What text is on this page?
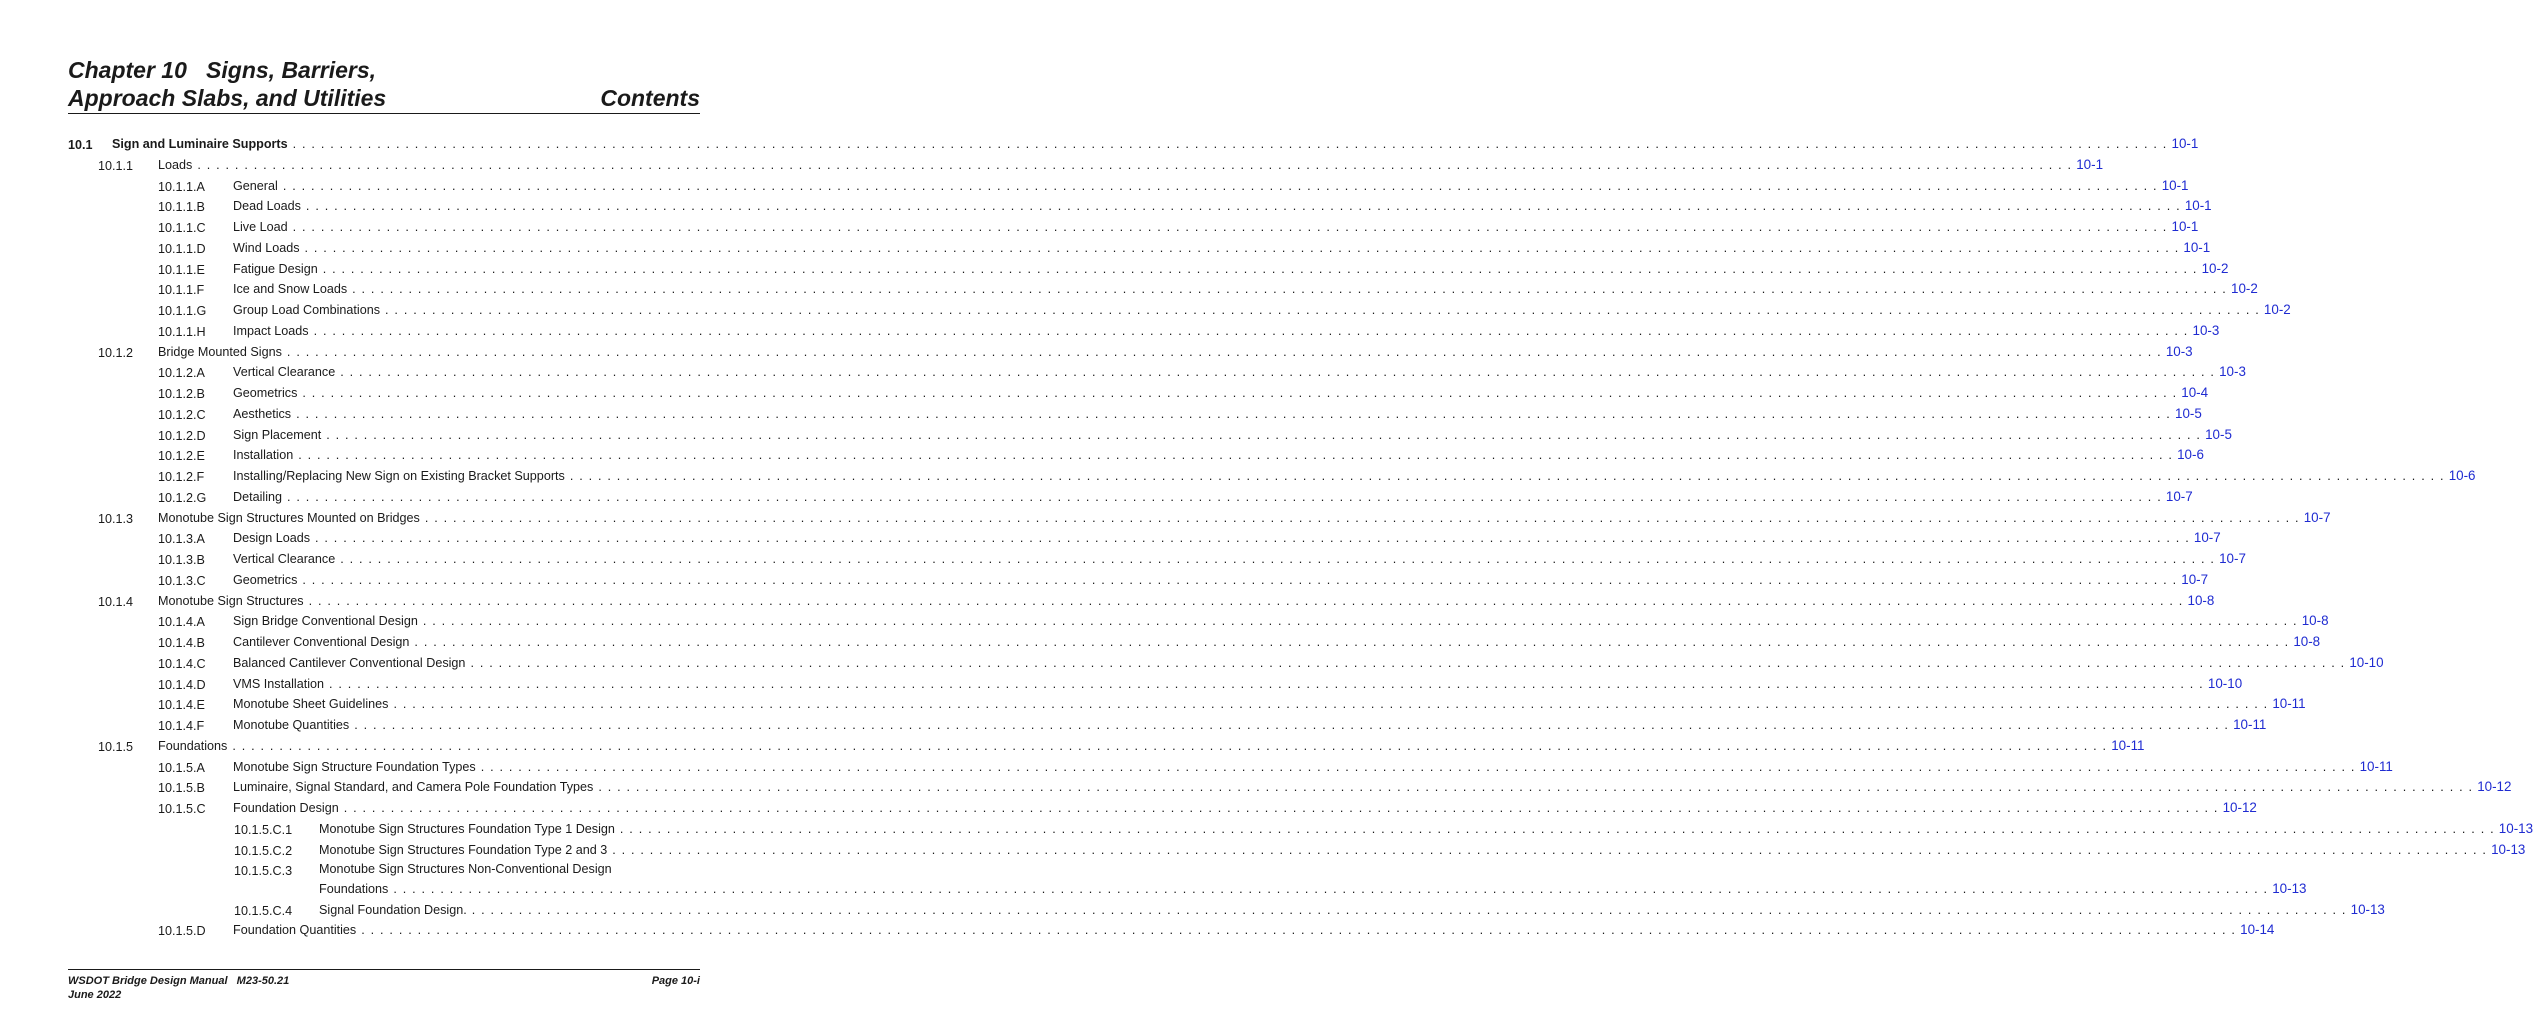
Chapter 10   Signs, Barriers,
Approach Slabs, and Utilities	Contents
10.1 Sign and Luminaire Supports . . . . . . . . . . . . . . . . . . . . . . . . . . . . . . . . . . . . . . . . . . . . . . . . . . . . . . . . . . . . . . . . . . . . . . . . . . . . . . . . . . . . . . . . . . . . . . . . . . . . . . . . . . . . . . . . . . . . . . . . . . . . . . . . . . . . . . . . . . . . . . . . . . . . . . . . . . . . . . . . . . . . . . . . . . . . . . . . . . . . . . . . . . . . . . . . . . . . . . . . 10-1
10.1.1 Loads . . . . . . . . . . . . . . . . . . . . . . . . . . . . . . . . . . . . . . . . . . . . . . . . . . . . . . . . . . . . . . . . . . . . . . . . . . . . . . . . . . . . . . . . . . . . . . . . . . . . . . . . . . . . . . . . . . . . . . . . . . . . . . . . . . . . . . . . . . . . . . . . . . . . . . . . . . . . . . . . . . . . . . . . . . . . . . . . . . . . . . . . . . . . . . . . . . . . . . . . 10-1
10.1.1.A General . . . . . . . . . . . . . . . . . . . . . . . . . . . . . . . . . . . . . . . . . . . . . . . . . . . . . . . . . . . . . . . . . . . . . . . . . . . . . . . . . . . . . . . . . . . . . . . . . . . . . . . . . . . . . . . . . . . . . . . . . . . . . . . . . . . . . . . . . . . . . . . . . . . . . . . . . . . . . . . . . . . . . . . . . . . . . . . . . . . . . . . . . . . . . . . . . . . . . . . . 10-1
10.1.1.B Dead Loads . . . . . . . . . . . . . . . . . . . . . . . . . . . . . . . . . . . . . . . . . . . . . . . . . . . . . . . . . . . . . . . . . . . . . . . . . . . . . . . . . . . . . . . . . . . . . . . . . . . . . . . . . . . . . . . . . . . . . . . . . . . . . . . . . . . . . . . . . . . . . . . . . . . . . . . . . . . . . . . . . . . . . . . . . . . . . . . . . . . . . . . . . . . . . . . . . . . . . . . . 10-1
10.1.1.C Live Load . . . . . . . . . . . . . . . . . . . . . . . . . . . . . . . . . . . . . . . . . . . . . . . . . . . . . . . . . . . . . . . . . . . . . . . . . . . . . . . . . . . . . . . . . . . . . . . . . . . . . . . . . . . . . . . . . . . . . . . . . . . . . . . . . . . . . . . . . . . . . . . . . . . . . . . . . . . . . . . . . . . . . . . . . . . . . . . . . . . . . . . . . . . . . . . . . . . . . . . . 10-1
10.1.1.D Wind Loads . . . . . . . . . . . . . . . . . . . . . . . . . . . . . . . . . . . . . . . . . . . . . . . . . . . . . . . . . . . . . . . . . . . . . . . . . . . . . . . . . . . . . . . . . . . . . . . . . . . . . . . . . . . . . . . . . . . . . . . . . . . . . . . . . . . . . . . . . . . . . . . . . . . . . . . . . . . . . . . . . . . . . . . . . . . . . . . . . . . . . . . . . . . . . . . . . . . . . . . . 10-1
10.1.1.E Fatigue Design . . . . . . . . . . . . . . . . . . . . . . . . . . . . . . . . . . . . . . . . . . . . . . . . . . . . . . . . . . . . . . . . . . . . . . . . . . . . . . . . . . . . . . . . . . . . . . . . . . . . . . . . . . . . . . . . . . . . . . . . . . . . . . . . . . . . . . . . . . . . . . . . . . . . . . . . . . . . . . . . . . . . . . . . . . . . . . . . . . . . . . . . . . . . . . . . . . . . . . . . 10-2
10.1.1.F Ice and Snow Loads . . . . . . . . . . . . . . . . . . . . . . . . . . . . . . . . . . . . . . . . . . . . . . . . . . . . . . . . . . . . . . . . . . . . . . . . . . . . . . . . . . . . . . . . . . . . . . . . . . . . . . . . . . . . . . . . . . . . . . . . . . . . . . . . . . . . . . . . . . . . . . . . . . . . . . . . . . . . . . . . . . . . . . . . . . . . . . . . . . . . . . . . . . . . . . . . . . . . . . . . 10-2
10.1.1.G Group Load Combinations . . . . . . . . . . . . . . . . . . . . . . . . . . . . . . . . . . . . . . . . . . . . . . . . . . . . . . . . . . . . . . . . . . . . . . . . . . . . . . . . . . . . . . . . . . . . . . . . . . . . . . . . . . . . . . . . . . . . . . . . . . . . . . . . . . . . . . . . . . . . . . . . . . . . . . . . . . . . . . . . . . . . . . . . . . . . . . . . . . . . . . . . . . . . . . . . . . . . . . . . 10-2
10.1.1.H Impact Loads . . . . . . . . . . . . . . . . . . . . . . . . . . . . . . . . . . . . . . . . . . . . . . . . . . . . . . . . . . . . . . . . . . . . . . . . . . . . . . . . . . . . . . . . . . . . . . . . . . . . . . . . . . . . . . . . . . . . . . . . . . . . . . . . . . . . . . . . . . . . . . . . . . . . . . . . . . . . . . . . . . . . . . . . . . . . . . . . . . . . . . . . . . . . . . . . . . . . . . . . 10-3
10.1.2 Bridge Mounted Signs . . . . . . . . . . . . . . . . . . . . . . . . . . . . . . . . . . . . . . . . . . . . . . . . . . . . . . . . . . . . . . . . . . . . . . . . . . . . . . . . . . . . . . . . . . . . . . . . . . . . . . . . . . . . . . . . . . . . . . . . . . . . . . . . . . . . . . . . . . . . . . . . . . . . . . . . . . . . . . . . . . . . . . . . . . . . . . . . . . . . . . . . . . . . . . . . . . . . . . . . 10-3
10.1.2.A Vertical Clearance . . . . . . . . . . . . . . . . . . . . . . . . . . . . . . . . . . . . . . . . . . . . . . . . . . . . . . . . . . . . . . . . . . . . . . . . . . . . . . . . . . . . . . . . . . . . . . . . . . . . . . . . . . . . . . . . . . . . . . . . . . . . . . . . . . . . . . . . . . . . . . . . . . . . . . . . . . . . . . . . . . . . . . . . . . . . . . . . . . . . . . . . . . . . . . . . . . . . . . . . 10-3
10.1.2.B Geometrics . . . . . . . . . . . . . . . . . . . . . . . . . . . . . . . . . . . . . . . . . . . . . . . . . . . . . . . . . . . . . . . . . . . . . . . . . . . . . . . . . . . . . . . . . . . . . . . . . . . . . . . . . . . . . . . . . . . . . . . . . . . . . . . . . . . . . . . . . . . . . . . . . . . . . . . . . . . . . . . . . . . . . . . . . . . . . . . . . . . . . . . . . . . . . . . . . . . . . . . . 10-4
10.1.2.C Aesthetics . . . . . . . . . . . . . . . . . . . . . . . . . . . . . . . . . . . . . . . . . . . . . . . . . . . . . . . . . . . . . . . . . . . . . . . . . . . . . . . . . . . . . . . . . . . . . . . . . . . . . . . . . . . . . . . . . . . . . . . . . . . . . . . . . . . . . . . . . . . . . . . . . . . . . . . . . . . . . . . . . . . . . . . . . . . . . . . . . . . . . . . . . . . . . . . . . . . . . . . . 10-5
10.1.2.D Sign Placement . . . . . . . . . . . . . . . . . . . . . . . . . . . . . . . . . . . . . . . . . . . . . . . . . . . . . . . . . . . . . . . . . . . . . . . . . . . . . . . . . . . . . . . . . . . . . . . . . . . . . . . . . . . . . . . . . . . . . . . . . . . . . . . . . . . . . . . . . . . . . . . . . . . . . . . . . . . . . . . . . . . . . . . . . . . . . . . . . . . . . . . . . . . . . . . . . . . . . . . . 10-5
10.1.2.E Installation . . . . . . . . . . . . . . . . . . . . . . . . . . . . . . . . . . . . . . . . . . . . . . . . . . . . . . . . . . . . . . . . . . . . . . . . . . . . . . . . . . . . . . . . . . . . . . . . . . . . . . . . . . . . . . . . . . . . . . . . . . . . . . . . . . . . . . . . . . . . . . . . . . . . . . . . . . . . . . . . . . . . . . . . . . . . . . . . . . . . . . . . . . . . . . . . . . . . . . . . 10-6
10.1.2.F Installing/Replacing New Sign on Existing Bracket Supports . . . . . . . . . . . . . . . . . . . . . . . . . . . . . . . . . . . . . . . . . . . . . . . . . . . . . . . . . . . . . . . . . . . . . . . . . . . . . . . . . . . . . . . . . . . . . . . . . . . . . . . . . . . . . . . . . . . . . . . . . . . . . . . . . . . . . . . . . . . . . . . . . . . . . . . . . . . . . . . . . . . . . . . . . . . . . . . . . . . . . . . . . . . . . . . . . . . . . . . . 10-6
10.1.2.G Detailing . . . . . . . . . . . . . . . . . . . . . . . . . . . . . . . . . . . . . . . . . . . . . . . . . . . . . . . . . . . . . . . . . . . . . . . . . . . . . . . . . . . . . . . . . . . . . . . . . . . . . . . . . . . . . . . . . . . . . . . . . . . . . . . . . . . . . . . . . . . . . . . . . . . . . . . . . . . . . . . . . . . . . . . . . . . . . . . . . . . . . . . . . . . . . . . . . . . . . . . . 10-7
10.1.3 Monotube Sign Structures Mounted on Bridges . . . . . . . . . . . . . . . . . . . . . . . . . . . . . . . . . . . . . . . . . . . . . . . . . . . . . . . . . . . . . . . . . . . . . . . . . . . . . . . . . . . . . . . . . . . . . . . . . . . . . . . . . . . . . . . . . . . . . . . . . . . . . . . . . . . . . . . . . . . . . . . . . . . . . . . . . . . . . . . . . . . . . . . . . . . . . . . . . . . . . . . . . . . . . . . . . . . . . . . . 10-7
10.1.3.A Design Loads . . . . . . . . . . . . . . . . . . . . . . . . . . . . . . . . . . . . . . . . . . . . . . . . . . . . . . . . . . . . . . . . . . . . . . . . . . . . . . . . . . . . . . . . . . . . . . . . . . . . . . . . . . . . . . . . . . . . . . . . . . . . . . . . . . . . . . . . . . . . . . . . . . . . . . . . . . . . . . . . . . . . . . . . . . . . . . . . . . . . . . . . . . . . . . . . . . . . . . . . 10-7
10.1.3.B Vertical Clearance . . . . . . . . . . . . . . . . . . . . . . . . . . . . . . . . . . . . . . . . . . . . . . . . . . . . . . . . . . . . . . . . . . . . . . . . . . . . . . . . . . . . . . . . . . . . . . . . . . . . . . . . . . . . . . . . . . . . . . . . . . . . . . . . . . . . . . . . . . . . . . . . . . . . . . . . . . . . . . . . . . . . . . . . . . . . . . . . . . . . . . . . . . . . . . . . . . . . . . . . 10-7
10.1.3.C Geometrics . . . . . . . . . . . . . . . . . . . . . . . . . . . . . . . . . . . . . . . . . . . . . . . . . . . . . . . . . . . . . . . . . . . . . . . . . . . . . . . . . . . . . . . . . . . . . . . . . . . . . . . . . . . . . . . . . . . . . . . . . . . . . . . . . . . . . . . . . . . . . . . . . . . . . . . . . . . . . . . . . . . . . . . . . . . . . . . . . . . . . . . . . . . . . . . . . . . . . . . . 10-7
10.1.4 Monotube Sign Structures . . . . . . . . . . . . . . . . . . . . . . . . . . . . . . . . . . . . . . . . . . . . . . . . . . . . . . . . . . . . . . . . . . . . . . . . . . . . . . . . . . . . . . . . . . . . . . . . . . . . . . . . . . . . . . . . . . . . . . . . . . . . . . . . . . . . . . . . . . . . . . . . . . . . . . . . . . . . . . . . . . . . . . . . . . . . . . . . . . . . . . . . . . . . . . . . . . . . . . . . 10-8
10.1.4.A Sign Bridge Conventional Design . . . . . . . . . . . . . . . . . . . . . . . . . . . . . . . . . . . . . . . . . . . . . . . . . . . . . . . . . . . . . . . . . . . . . . . . . . . . . . . . . . . . . . . . . . . . . . . . . . . . . . . . . . . . . . . . . . . . . . . . . . . . . . . . . . . . . . . . . . . . . . . . . . . . . . . . . . . . . . . . . . . . . . . . . . . . . . . . . . . . . . . . . . . . . . . . . . . . . . . . 10-8
10.1.4.B Cantilever Conventional Design . . . . . . . . . . . . . . . . . . . . . . . . . . . . . . . . . . . . . . . . . . . . . . . . . . . . . . . . . . . . . . . . . . . . . . . . . . . . . . . . . . . . . . . . . . . . . . . . . . . . . . . . . . . . . . . . . . . . . . . . . . . . . . . . . . . . . . . . . . . . . . . . . . . . . . . . . . . . . . . . . . . . . . . . . . . . . . . . . . . . . . . . . . . . . . . . . . . . . . . . 10-8
10.1.4.C Balanced Cantilever Conventional Design . . . . . . . . . . . . . . . . . . . . . . . . . . . . . . . . . . . . . . . . . . . . . . . . . . . . . . . . . . . . . . . . . . . . . . . . . . . . . . . . . . . . . . . . . . . . . . . . . . . . . . . . . . . . . . . . . . . . . . . . . . . . . . . . . . . . . . . . . . . . . . . . . . . . . . . . . . . . . . . . . . . . . . . . . . . . . . . . . . . . . . . . . . . . . . . . . . . . . . . . 10-10
10.1.4.D VMS Installation . . . . . . . . . . . . . . . . . . . . . . . . . . . . . . . . . . . . . . . . . . . . . . . . . . . . . . . . . . . . . . . . . . . . . . . . . . . . . . . . . . . . . . . . . . . . . . . . . . . . . . . . . . . . . . . . . . . . . . . . . . . . . . . . . . . . . . . . . . . . . . . . . . . . . . . . . . . . . . . . . . . . . . . . . . . . . . . . . . . . . . . . . . . . . . . . . . . . . . . . 10-10
10.1.4.E Monotube Sheet Guidelines . . . . . . . . . . . . . . . . . . . . . . . . . . . . . . . . . . . . . . . . . . . . . . . . . . . . . . . . . . . . . . . . . . . . . . . . . . . . . . . . . . . . . . . . . . . . . . . . . . . . . . . . . . . . . . . . . . . . . . . . . . . . . . . . . . . . . . . . . . . . . . . . . . . . . . . . . . . . . . . . . . . . . . . . . . . . . . . . . . . . . . . . . . . . . . . . . . . . . . . . 10-11
10.1.4.F Monotube Quantities . . . . . . . . . . . . . . . . . . . . . . . . . . . . . . . . . . . . . . . . . . . . . . . . . . . . . . . . . . . . . . . . . . . . . . . . . . . . . . . . . . . . . . . . . . . . . . . . . . . . . . . . . . . . . . . . . . . . . . . . . . . . . . . . . . . . . . . . . . . . . . . . . . . . . . . . . . . . . . . . . . . . . . . . . . . . . . . . . . . . . . . . . . . . . . . . . . . . . . . . 10-11
10.1.5 Foundations . . . . . . . . . . . . . . . . . . . . . . . . . . . . . . . . . . . . . . . . . . . . . . . . . . . . . . . . . . . . . . . . . . . . . . . . . . . . . . . . . . . . . . . . . . . . . . . . . . . . . . . . . . . . . . . . . . . . . . . . . . . . . . . . . . . . . . . . . . . . . . . . . . . . . . . . . . . . . . . . . . . . . . . . . . . . . . . . . . . . . . . . . . . . . . . . . . . . . . . . 10-11
10.1.5.A Monotube Sign Structure Foundation Types . . . . . . . . . . . . . . . . . . . . . . . . . . . . . . . . . . . . . . . . . . . . . . . . . . . . . . . . . . . . . . . . . . . . . . . . . . . . . . . . . . . . . . . . . . . . . . . . . . . . . . . . . . . . . . . . . . . . . . . . . . . . . . . . . . . . . . . . . . . . . . . . . . . . . . . . . . . . . . . . . . . . . . . . . . . . . . . . . . . . . . . . . . . . . . . . . . . . . . . . 10-11
10.1.5.B Luminaire, Signal Standard, and Camera Pole Foundation Types . . . . . . . . . . . . . . . . . . . . . . . . . . . . . . . . . . . . . . . . . . . . . . . . . . . . . . . . . . . . . . . . . . . . . . . . . . . . . . . . . . . . . . . . . . . . . . . . . . . . . . . . . . . . . . . . . . . . . . . . . . . . . . . . . . . . . . . . . . . . . . . . . . . . . . . . . . . . . . . . . . . . . . . . . . . . . . . . . . . . . . . . . . . . . . . . . . . . . . . . 10-12
10.1.5.C Foundation Design . . . . . . . . . . . . . . . . . . . . . . . . . . . . . . . . . . . . . . . . . . . . . . . . . . . . . . . . . . . . . . . . . . . . . . . . . . . . . . . . . . . . . . . . . . . . . . . . . . . . . . . . . . . . . . . . . . . . . . . . . . . . . . . . . . . . . . . . . . . . . . . . . . . . . . . . . . . . . . . . . . . . . . . . . . . . . . . . . . . . . . . . . . . . . . . . . . . . . . . . 10-12
10.1.5.C.1 Monotube Sign Structures Foundation Type 1 Design . . . . . . . . . . . . . . . . . . . . . . . . . . . . . . . . . . . . . . . . . . . . . . . . . . . . . . . . . . . . . . . . . . . . . . . . . . . . . . . . . . . . . . . . . . . . . . . . . . . . . . . . . . . . . . . . . . . . . . . . . . . . . . . . . . . . . . . . . . . . . . . . . . . . . . . . . . . . . . . . . . . . . . . . . . . . . . . . . . . . . . . . . . . . . . . . . . . . . . . . 10-13
10.1.5.C.2 Monotube Sign Structures Foundation Type 2 and 3 . . . . . . . . . . . . . . . . . . . . . . . . . . . . . . . . . . . . . . . . . . . . . . . . . . . . . . . . . . . . . . . . . . . . . . . . . . . . . . . . . . . . . . . . . . . . . . . . . . . . . . . . . . . . . . . . . . . . . . . . . . . . . . . . . . . . . . . . . . . . . . . . . . . . . . . . . . . . . . . . . . . . . . . . . . . . . . . . . . . . . . . . . . . . . . . . . . . . . . . . 10-13
10.1.5.C.3 Monotube Sign Structures Non-Conventional Design
Foundations . . . . . . . . . . . . . . . . . . . . . . . . . . . . . . . . . . . . . . . . . . . . . . . . . . . . . . . . . . . . . . . . . . . . . . . . . . . . . . . . . . . . . . . . . . . . . . . . . . . . . . . . . . . . . . . . . . . . . . . . . . . . . . . . . . . . . . . . . . . . . . . . . . . . . . . . . . . . . . . . . . . . . . . . . . . . . . . . . . . . . . . . . . . . . . . . . . . . . . . . 10-13
10.1.5.C.4 Signal Foundation Design. . . . . . . . . . . . . . . . . . . . . . . . . . . . . . . . . . . . . . . . . . . . . . . . . . . . . . . . . . . . . . . . . . . . . . . . . . . . . . . . . . . . . . . . . . . . . . . . . . . . . . . . . . . . . . . . . . . . . . . . . . . . . . . . . . . . . . . . . . . . . . . . . . . . . . . . . . . . . . . . . . . . . . . . . . . . . . . . . . . . . . . . . . . . . . . . . . . . . . . . . 10-13
10.1.5.D Foundation Quantities . . . . . . . . . . . . . . . . . . . . . . . . . . . . . . . . . . . . . . . . . . . . . . . . . . . . . . . . . . . . . . . . . . . . . . . . . . . . . . . . . . . . . . . . . . . . . . . . . . . . . . . . . . . . . . . . . . . . . . . . . . . . . . . . . . . . . . . . . . . . . . . . . . . . . . . . . . . . . . . . . . . . . . . . . . . . . . . . . . . . . . . . . . . . . . . . . . . . . . . . 10-14
WSDOT Bridge Design Manual   M23-50.21	Page 10-i
June 2022
